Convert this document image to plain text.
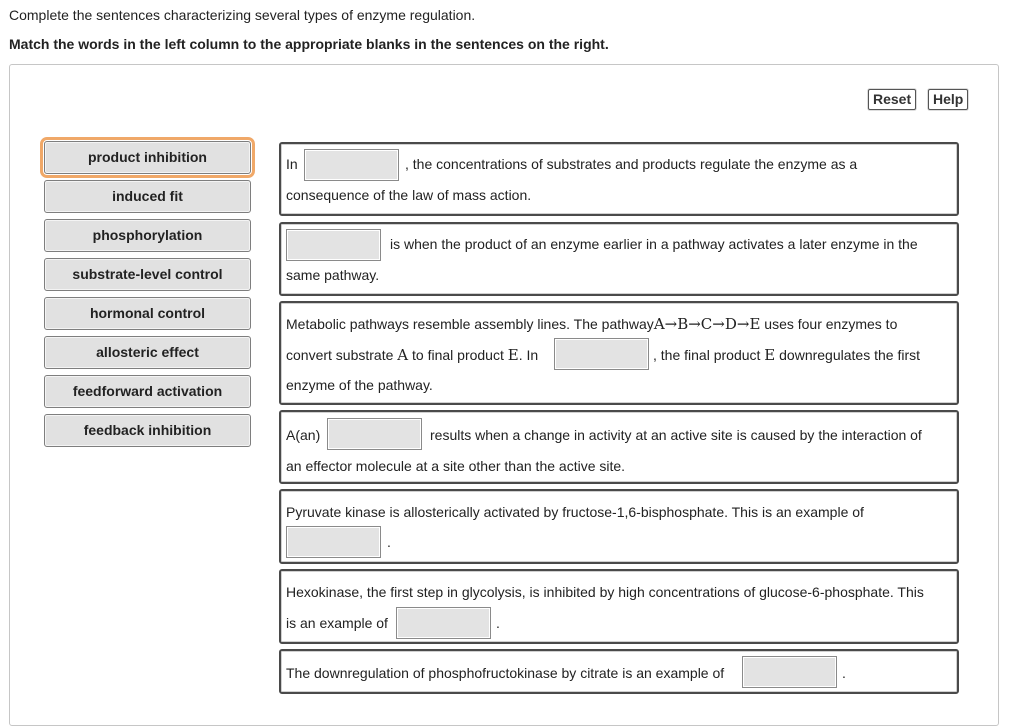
Complete the sentences characterizing several types of enzyme regulation.
Match the words in the left column to the appropriate blanks in the sentences on the right.
Reset	Help
product inhibition
induced fit
phosphorylation
substrate-level control
hormonal control
allosteric effect
feedforward activation
feedback inhibition
In	, the concentrations of substrates and products regulate the enzyme as a
consequence of the law of mass action.
is when the product of an enzyme earlier in a pathway activates a later enzyme in the
same pathway.
Metabolic pathways resemble assembly lines. The pathwayA→B→C→D→E uses four enzymes to
convert substrate A to final product E. In	, the final product E downregulates the first
enzyme of the pathway.
A(an)	results when a change in activity at an active site is caused by the interaction of
an effector molecule at a site other than the active site.
Pyruvate kinase is allosterically activated by fructose-1,6-bisphosphate. This is an example of
.
Hexokinase, the first step in glycolysis, is inhibited by high concentrations of glucose-6-phosphate. This
is an example of	.
The downregulation of phosphofructokinase by citrate is an example of	.
